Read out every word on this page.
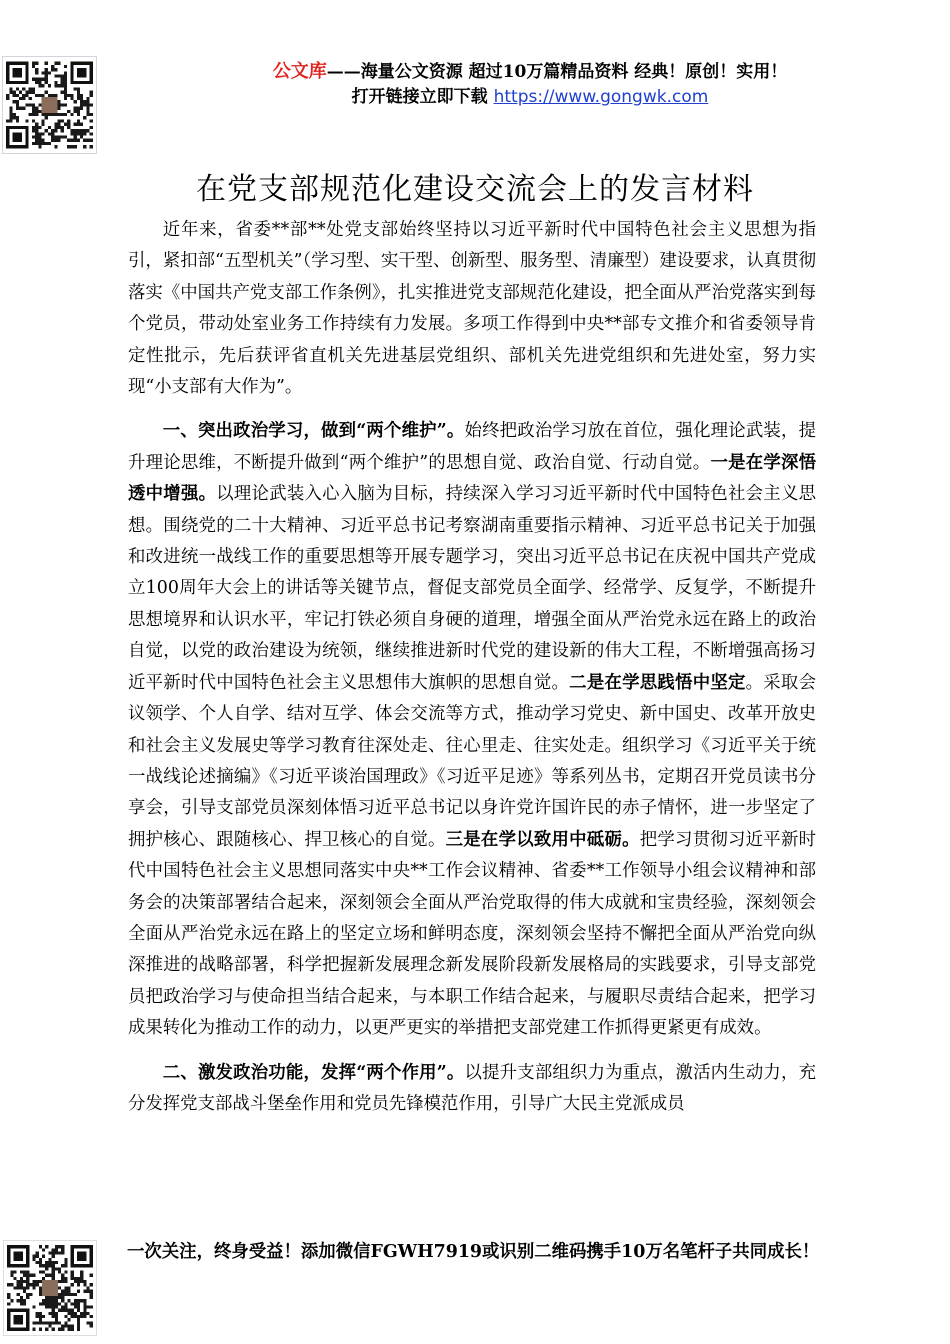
公文库——海量公文资源 超过10万篇精品资料 经典！原创！实用！
打开链接立即下载 https://www.gongwk.com
在党支部规范化建设交流会上的发言材料

近年来，省委**部**处党支部始终坚持以习近平新时代中国特色社会主义思想为指引，紧扣部“五型机关”（学习型、实干型、创新型、服务型、清廉型）建设要求，认真贯彻落实《中国共产党支部工作条例》，扎实推进党支部规范化建设，把全面从严治党落实到每个党员，带动处室业务工作持续有力发展。多项工作得到中央**部专文推介和省委领导肯定性批示，先后获评省直机关先进基层党组织、部机关先进党组织和先进处室，努力实现“小支部有大作为”。

一、突出政治学习，做到“两个维护”。始终把政治学习放在首位，强化理论武装，提升理论思维，不断提升做到“两个维护”的思想自觉、政治自觉、行动自觉。一是在学深悟透中增强。以理论武装入心入脑为目标，持续深入学习习近平新时代中国特色社会主义思想。围绕党的二十大精神、习近平总书记考察湖南重要指示精神、习近平总书记关于加强和改进统一战线工作的重要思想等开展专题学习，突出习近平总书记在庆祝中国共产党成立100周年大会上的讲话等关键节点，督促支部党员全面学、经常学、反复学，不断提升思想境界和认识水平，牢记打铁必须自身硬的道理，增强全面从严治党永远在路上的政治自觉，以党的政治建设为统领，继续推进新时代党的建设新的伟大工程，不断增强高扬习近平新时代中国特色社会主义思想伟大旗帜的思想自觉。二是在学思践悟中坚定。采取会议领学、个人自学、结对互学、体会交流等方式，推动学习党史、新中国史、改革开放史和社会主义发展史等学习教育往深处走、往心里走、往实处走。组织学习《习近平关于统一战线论述摘编》《习近平谈治国理政》《习近平足迹》等系列丛书，定期召开党员读书分享会，引导支部党员深刻体悟习近平总书记以身许党许国许民的赤子情怀，进一步坚定了拥护核心、跟随核心、捍卫核心的自觉。三是在学以致用中砥砺。把学习贯彻习近平新时代中国特色社会主义思想同落实中央**工作会议精神、省委**工作领导小组会议精神和部务会的决策部署结合起来，深刻领会全面从严治党取得的伟大成就和宝贵经验，深刻领会全面从严治党永远在路上的坚定立场和鲜明态度，深刻领会坚持不懈把全面从严治党向纵深推进的战略部署，科学把握新发展理念新发展阶段新发展格局的实践要求，引导支部党员把政治学习与使命担当结合起来，与本职工作结合起来，与履职尽责结合起来，把学习成果转化为推动工作的动力，以更严更实的举措把支部党建工作抓得更紧更有成效。

二、激发政治功能，发挥“两个作用”。以提升支部组织力为重点，激活内生动力，充分发挥党支部战斗堡垒作用和党员先锋模范作用，引导广大民主党派成员

一次关注，终身受益！添加微信FGWH7919或识别二维码携手10万名笔杆子共同成长！
